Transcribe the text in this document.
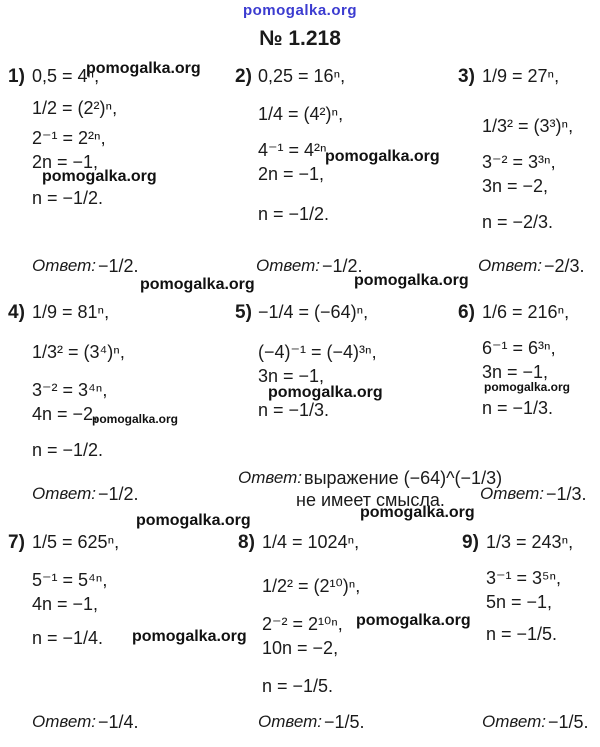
pomogalka.org
№ 1.218
1) 0,5 = 4ⁿ,
1/2 = (2²)ⁿ,
2⁻¹ = 2²ⁿ,
2n = −1,
n = −1/2.
Ответ: −1/2.
2) 0,25 = 16ⁿ,
1/4 = (4²)ⁿ,
4⁻¹ = 4²ⁿ
2n = −1,
n = −1/2.
Ответ: −1/2.
3) 1/9 = 27ⁿ,
1/3² = (3³)ⁿ,
3⁻² = 3³ⁿ,
3n = −2,
n = −2/3.
Ответ: −2/3.
4) 1/9 = 81ⁿ,
1/3² = (3⁴)ⁿ,
3⁻² = 3⁴ⁿ,
4n = −2,
n = −1/2.
Ответ: −1/2.
5) −1/4 = (−64)ⁿ,
(−4)⁻¹ = (−4)³ⁿ,
3n = −1,
n = −1/3.
Ответ: выражение (−64)^(−1/3)
не имеет смысла.
6) 1/6 = 216ⁿ,
6⁻¹ = 6³ⁿ,
3n = −1,
n = −1/3.
Ответ: −1/3.
7) 1/5 = 625ⁿ,
5⁻¹ = 5⁴ⁿ,
4n = −1,
n = −1/4.
Ответ: −1/4.
8) 1/4 = 1024ⁿ,
1/2² = (2¹⁰)ⁿ,
2⁻² = 2¹⁰ⁿ,
10n = −2,
n = −1/5.
Ответ: −1/5.
9) 1/3 = 243ⁿ,
3⁻¹ = 3⁵ⁿ,
5n = −1,
n = −1/5.
Ответ: −1/5.
pomogalka.org
pomogalka.org
pomogalka.org
pomogalka.org	pomogalka.org
pomogalka.org	pomogalka.org
pomogalka.org
pomogalka.org	pomogalka.org
pomogalka.org
pomogalka.org
